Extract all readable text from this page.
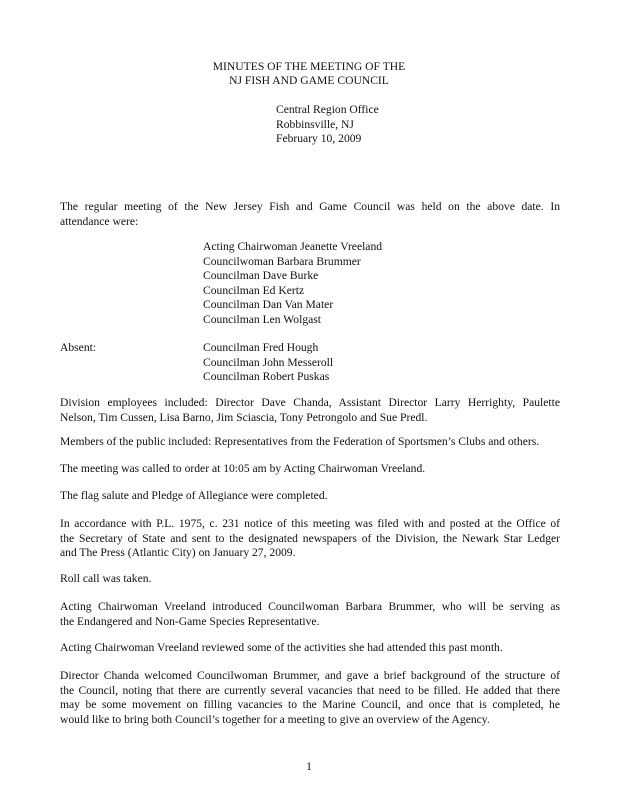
MINUTES OF THE MEETING OF THE
NJ FISH AND GAME COUNCIL
Central Region Office
Robbinsville, NJ
February 10, 2009
The regular meeting of the New Jersey Fish and Game Council was held on the above date. In
attendance were:
Acting Chairwoman Jeanette Vreeland
Councilwoman Barbara Brummer
Councilman Dave Burke
Councilman Ed Kertz
Councilman Dan Van Mater
Councilman Len Wolgast
Absent:	Councilman Fred Hough
Councilman John Messeroll
Councilman Robert Puskas
Division employees included: Director Dave Chanda, Assistant Director Larry Herrighty, Paulette
Nelson, Tim Cussen, Lisa Barno, Jim Sciascia, Tony Petrongolo and Sue Predl.
Members of the public included: Representatives from the Federation of Sportsmen’s Clubs and others.
The meeting was called to order at 10:05 am by Acting Chairwoman Vreeland.
The flag salute and Pledge of Allegiance were completed.
In accordance with P.L. 1975, c. 231 notice of this meeting was filed with and posted at the Office of
the Secretary of State and sent to the designated newspapers of the Division, the Newark Star Ledger
and The Press (Atlantic City) on January 27, 2009.
Roll call was taken.
Acting Chairwoman Vreeland introduced Councilwoman Barbara Brummer, who will be serving as
the Endangered and Non-Game Species Representative.
Acting Chairwoman Vreeland reviewed some of the activities she had attended this past month.
Director Chanda welcomed Councilwoman Brummer, and gave a brief background of the structure of
the Council, noting that there are currently several vacancies that need to be filled. He added that there
may be some movement on filling vacancies to the Marine Council, and once that is completed, he
would like to bring both Council’s together for a meeting to give an overview of the Agency.
1
